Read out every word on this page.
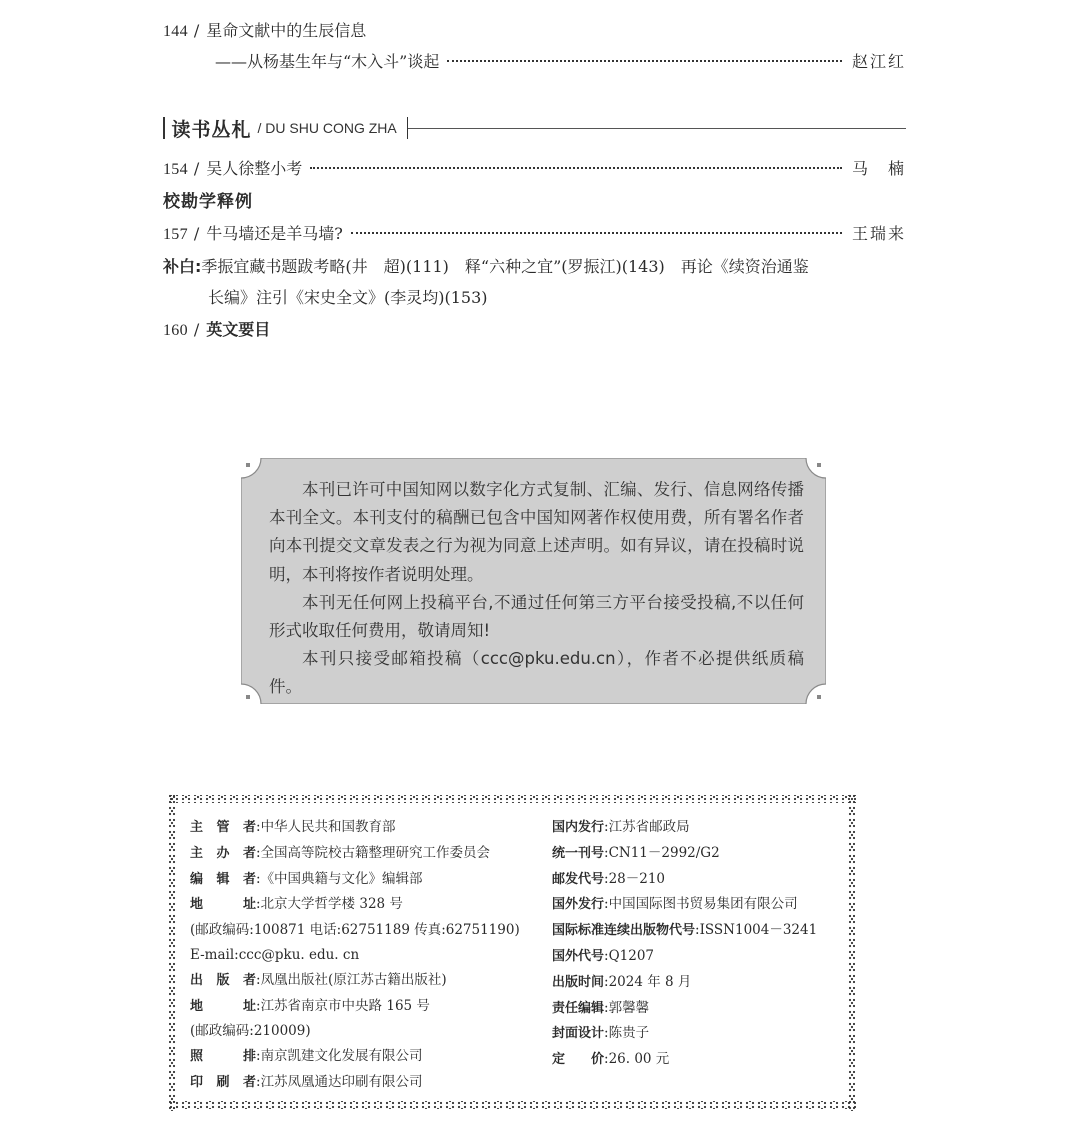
144 / 星命文献中的生辰信息
——从杨基生年与“木入斗”谈起	赵江红
读书丛札 / DU SHU CONG ZHA
154 / 吴人徐整小考	马　楠
校勘学释例
157 / 牛马墙还是羊马墙?	王瑞来
补白:季振宜藏书题跋考略(井　超)(111)　释“六种之宜”(罗振江)(143)　再论《续资治通鉴
长编》注引《宋史全文》(李灵均)(153)
160 / 英文要目

本刊已许可中国知网以数字化方式复制、汇编、发行、信息网络传播本刊全文。本刊支付的稿酬已包含中国知网著作权使用费，所有署名作者向本刊提交文章发表之行为视为同意上述声明。如有异议，请在投稿时说明，本刊将按作者说明处理。

本刊无任何网上投稿平台,不通过任何第三方平台接受投稿,不以任何形式收取任何费用，敬请周知!

本刊只接受邮箱投稿（ccc@pku.edu.cn），作者不必提供纸质稿件。

主 管 者:中华人民共和国教育部
主 办 者:全国高等院校古籍整理研究工作委员会
编 辑 者:《中国典籍与文化》编辑部
地　　址:北京大学哲学楼 328 号
(邮政编码:100871 电话:62751189 传真:62751190)
E-mail:ccc@pku. edu. cn
出 版 者:凤凰出版社(原江苏古籍出版社)
地　　址:江苏省南京市中央路 165 号
(邮政编码:210009)
照　　排:南京凯建文化发展有限公司
印 刷 者:江苏凤凰通达印刷有限公司
国内发行:江苏省邮政局
统一刊号:CN11－2992/G2
邮发代号:28－210
国外发行:中国国际图书贸易集团有限公司
国际标准连续出版物代号:ISSN1004－3241
国外代号:Q1207
出版时间:2024 年 8 月
责任编辑:郭馨馨
封面设计:陈贵子
定　　价:26. 00 元
